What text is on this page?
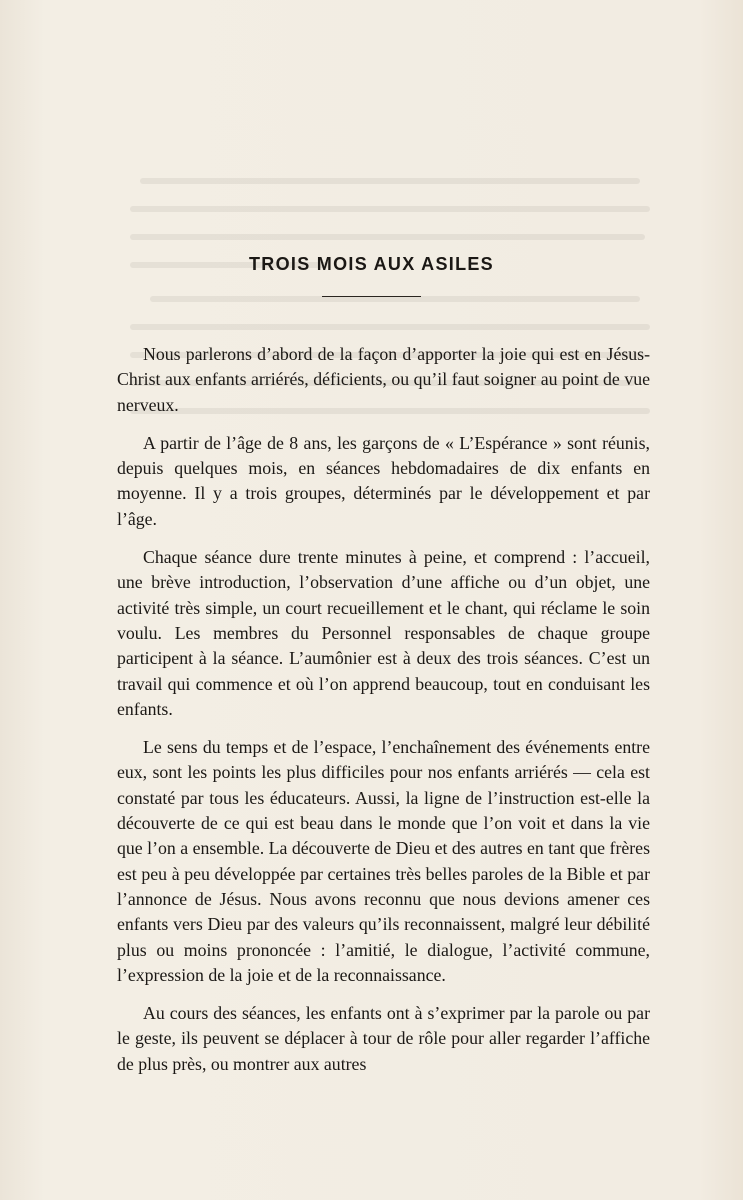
TROIS MOIS AUX ASILES

Nous parlerons d’abord de la façon d’apporter la joie qui est en Jésus-Christ aux enfants arriérés, déficients, ou qu’il faut soigner au point de vue nerveux.

A partir de l’âge de 8 ans, les garçons de « L’Espérance » sont réunis, depuis quelques mois, en séances hebdomadaires de dix enfants en moyenne. Il y a trois groupes, déterminés par le développement et par l’âge.

Chaque séance dure trente minutes à peine, et comprend : l’accueil, une brève introduction, l’observation d’une affiche ou d’un objet, une activité très simple, un court recueillement et le chant, qui réclame le soin voulu. Les membres du Personnel responsables de chaque groupe participent à la séance. L’aumônier est à deux des trois séances. C’est un travail qui commence et où l’on apprend beaucoup, tout en conduisant les enfants.

Le sens du temps et de l’espace, l’enchaînement des événements entre eux, sont les points les plus difficiles pour nos enfants arriérés — cela est constaté par tous les éducateurs. Aussi, la ligne de l’instruction est-elle la découverte de ce qui est beau dans le monde que l’on voit et dans la vie que l’on a ensemble. La découverte de Dieu et des autres en tant que frères est peu à peu développée par certaines très belles paroles de la Bible et par l’annonce de Jésus. Nous avons reconnu que nous devions amener ces enfants vers Dieu par des valeurs qu’ils reconnaissent, malgré leur débilité plus ou moins prononcée : l’amitié, le dialogue, l’activité commune, l’expression de la joie et de la reconnaissance.

Au cours des séances, les enfants ont à s’exprimer par la parole ou par le geste, ils peuvent se déplacer à tour de rôle pour aller regarder l’affiche de plus près, ou montrer aux autres
